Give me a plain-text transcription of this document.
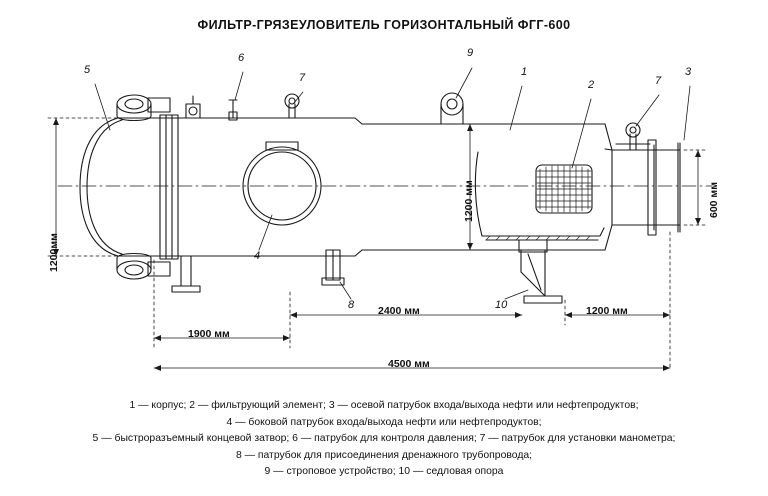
ФИЛЬТР-ГРЯЗЕУЛОВИТЕЛЬ ГОРИЗОНТАЛЬНЫЙ ФГГ-600
5
6
7
9
1
2	7
3
4
8	10
1200мм
1200 мм	600 мм
1900 мм
2400 мм	1200 мм
4500 мм
1 — корпус; 2 — фильтрующий элемент; 3 — осевой патрубок входа/выхода нефти или нефтепродуктов;
4 — боковой патрубок входа/выхода нефти или нефтепродуктов;
5 — быстроразъемный концевой затвор; 6 — патрубок для контроля давления; 7 — патрубок для установки манометра;
8 — патрубок для присоединения дренажного трубопровода;
9 — строповое устройство; 10 — седловая опора
